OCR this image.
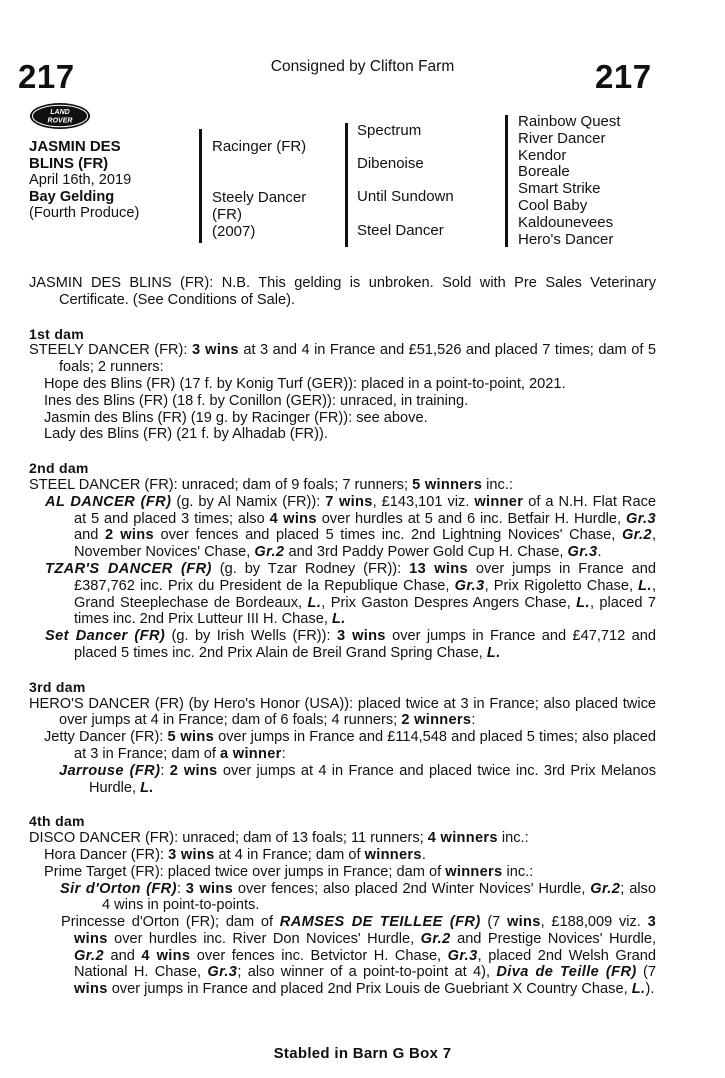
217	Consigned by Clifton Farm	217
LAND
ROVER
JASMIN DES
BLINS (FR)
April 16th, 2019
Bay Gelding
(Fourth Produce)
Racinger (FR)
Steely Dancer
(FR)
(2007)
Spectrum
Dibenoise
Until Sundown
Steel Dancer
Rainbow Quest
River Dancer
Kendor
Boreale
Smart Strike
Cool Baby
Kaldounevees
Hero's Dancer

JASMIN DES BLINS (FR): N.B. This gelding is unbroken. Sold with Pre Sales Veterinary Certificate. (See Conditions of Sale).

1st dam

STEELY DANCER (FR): 3 wins at 3 and 4 in France and £51,526 and placed 7 times; dam of 5 foals; 2 runners:

Hope des Blins (FR) (17 f. by Konig Turf (GER)): placed in a point-to-point, 2021.

Ines des Blins (FR) (18 f. by Conillon (GER)): unraced, in training.

Jasmin des Blins (FR) (19 g. by Racinger (FR)): see above.

Lady des Blins (FR) (21 f. by Alhadab (FR)).

2nd dam

STEEL DANCER (FR): unraced; dam of 9 foals; 7 runners; 5 winners inc.:

AL DANCER (FR) (g. by Al Namix (FR)): 7 wins, £143,101 viz. winner of a N.H. Flat Race at 5 and placed 3 times; also 4 wins over hurdles at 5 and 6 inc. Betfair H. Hurdle, Gr.3 and 2 wins over fences and placed 5 times inc. 2nd Lightning Novices' Chase, Gr.2, November Novices' Chase, Gr.2 and 3rd Paddy Power Gold Cup H. Chase, Gr.3.

TZAR'S DANCER (FR) (g. by Tzar Rodney (FR)): 13 wins over jumps in France and £387,762 inc. Prix du President de la Republique Chase, Gr.3, Prix Rigoletto Chase, L., Grand Steeplechase de Bordeaux, L., Prix Gaston Despres Angers Chase, L., placed 7 times inc. 2nd Prix Lutteur III H. Chase, L.

Set Dancer (FR) (g. by Irish Wells (FR)): 3 wins over jumps in France and £47,712 and placed 5 times inc. 2nd Prix Alain de Breil Grand Spring Chase, L.

3rd dam

HERO'S DANCER (FR) (by Hero's Honor (USA)): placed twice at 3 in France; also placed twice over jumps at 4 in France; dam of 6 foals; 4 runners; 2 winners:

Jetty Dancer (FR): 5 wins over jumps in France and £114,548 and placed 5 times; also placed at 3 in France; dam of a winner:

Jarrouse (FR): 2 wins over jumps at 4 in France and placed twice inc. 3rd Prix Melanos Hurdle, L.

4th dam

DISCO DANCER (FR): unraced; dam of 13 foals; 11 runners; 4 winners inc.:

Hora Dancer (FR): 3 wins at 4 in France; dam of winners.

Prime Target (FR): placed twice over jumps in France; dam of winners inc.:

Sir d'Orton (FR): 3 wins over fences; also placed 2nd Winter Novices' Hurdle, Gr.2; also 4 wins in point-to-points.

Princesse d'Orton (FR); dam of RAMSES DE TEILLEE (FR) (7 wins, £188,009 viz. 3 wins over hurdles inc. River Don Novices' Hurdle, Gr.2 and Prestige Novices' Hurdle, Gr.2 and 4 wins over fences inc. Betvictor H. Chase, Gr.3, placed 2nd Welsh Grand National H. Chase, Gr.3; also winner of a point-to-point at 4), Diva de Teille (FR) (7 wins over jumps in France and placed 2nd Prix Louis de Guebriant X Country Chase, L.).

Stabled in Barn G Box 7
